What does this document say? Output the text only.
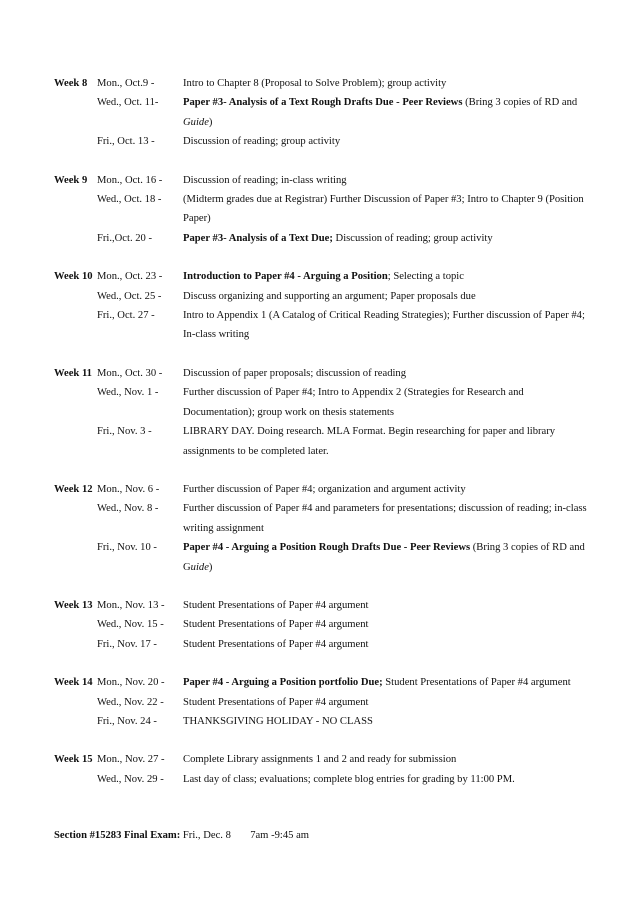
Week 8 Mon., Oct.9 -	Intro to Chapter 8 (Proposal to Solve Problem); group activity
Wed., Oct. 11-	Paper #3- Analysis of a Text Rough Drafts Due - Peer Reviews (Bring 3 copies of RD and Guide)
Fri., Oct. 13 -	Discussion of reading; group activity
Week 9 Mon., Oct. 16 -	Discussion of reading; in-class writing
Wed., Oct. 18 -	(Midterm grades due at Registrar) Further Discussion of Paper #3; Intro to Chapter 9 (Position Paper)
Fri.,Oct. 20 -	Paper #3- Analysis of a Text Due; Discussion of reading; group activity
Week 10 Mon., Oct. 23 -	Introduction to Paper #4 - Arguing a Position; Selecting a topic
Wed., Oct. 25 -	Discuss organizing and supporting an argument; Paper proposals due
Fri., Oct. 27 -	Intro to Appendix 1 (A Catalog of Critical Reading Strategies); Further discussion of Paper #4; In-class writing
Week 11 Mon., Oct. 30 -	Discussion of paper proposals; discussion of reading
Wed., Nov. 1 -	Further discussion of Paper #4; Intro to Appendix 2 (Strategies for Research and Documentation); group work on thesis statements
Fri., Nov. 3 -	LIBRARY DAY. Doing research. MLA Format. Begin researching for paper and library assignments to be completed later.
Week 12 Mon., Nov. 6 -	Further discussion of Paper #4; organization and argument activity
Wed., Nov. 8 -	Further discussion of Paper #4 and parameters for presentations; discussion of reading; in-class writing assignment
Fri., Nov. 10 -	Paper #4 - Arguing a Position Rough Drafts Due - Peer Reviews (Bring 3 copies of RD and Guide)
Week 13 Mon., Nov. 13 -	Student Presentations of Paper #4 argument
Wed., Nov. 15 -	Student Presentations of Paper #4 argument
Fri., Nov. 17 -	Student Presentations of Paper #4 argument
Week 14 Mon., Nov. 20 -	Paper #4 - Arguing a Position portfolio Due; Student Presentations of Paper #4 argument
Wed., Nov. 22 -	Student Presentations of Paper #4 argument
Fri., Nov. 24 -	THANKSGIVING HOLIDAY - NO CLASS
Week 15 Mon., Nov. 27 -	Complete Library assignments 1 and 2 and ready for submission
Wed., Nov. 29 -	Last day of class; evaluations; complete blog entries for grading by 11:00 PM.
Section #15283 Final Exam: Fri., Dec. 8 7am -9:45 am
